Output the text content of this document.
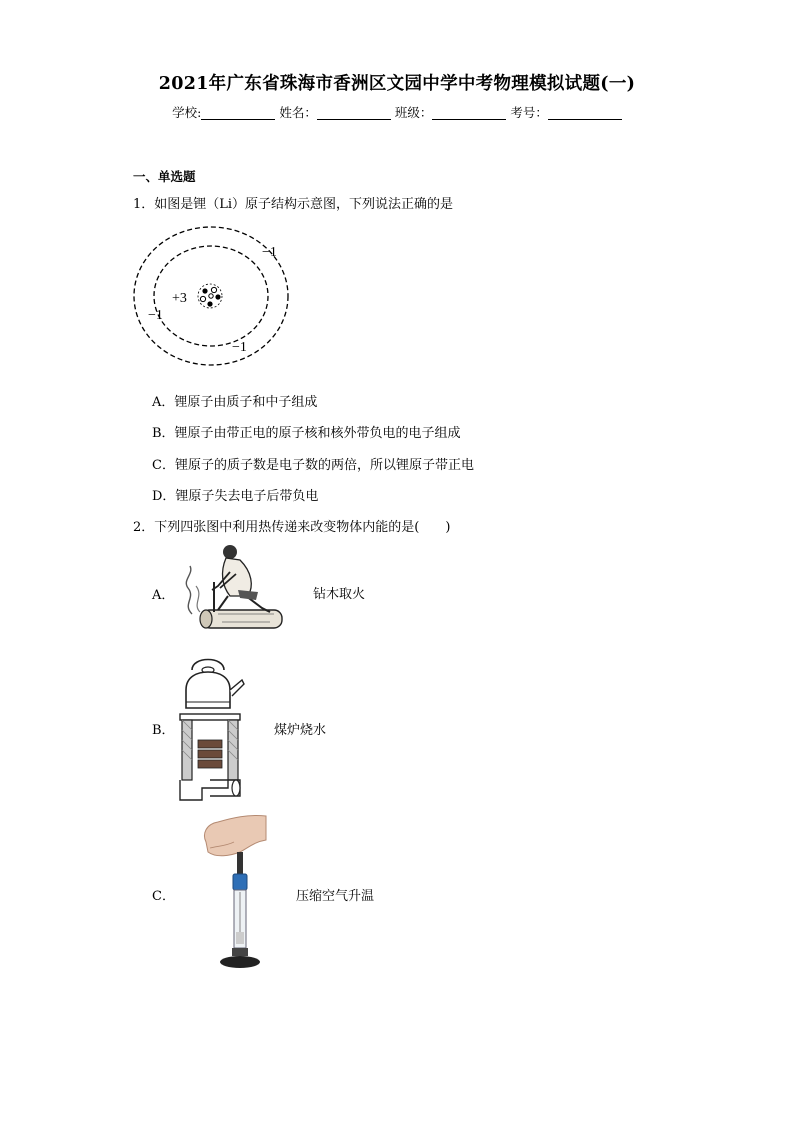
2021年广东省珠海市香洲区文园中学中考物理模拟试题(一)
学校:	姓名：	班级：	考号：
一、单选题
1．如图是锂（Li）原子结构示意图，下列说法正确的是
+3
−1
−1
−1
A．锂原子由质子和中子组成
B．锂原子由带正电的原子核和核外带负电的电子组成
C．锂原子的质子数是电子数的两倍，所以锂原子带正电
D．锂原子失去电子后带负电
2．下列四张图中利用热传递来改变物体内能的是(　　)
A．	钻木取火
B．	煤炉烧水
C．	压缩空气升温
